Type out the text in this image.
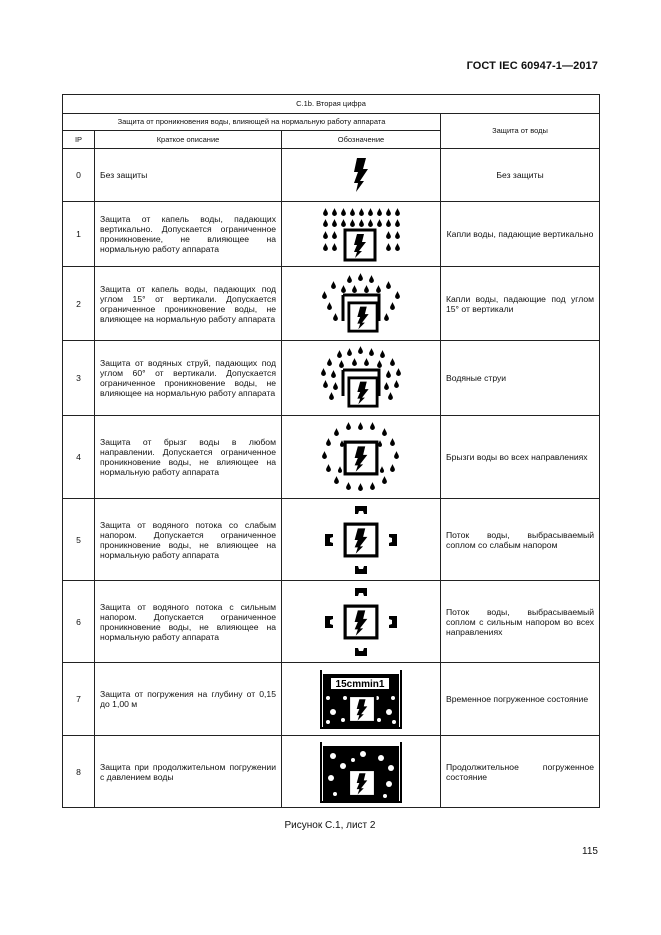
ГОСТ IEC 60947-1—2017
С.1b. Вторая цифра			
Защита от проникновения воды, влияющей на нормальную работу аппарата			Защита от воды
IP	Краткое описание	Обозначение	
0	Без защиты		Без защиты
1	Защита от капель воды, падающих вертикально. Допускается ограниченное проникновение, не влияющее на нормальную работу аппарата		Капли воды, падающие вертикально
2	Защита от капель воды, падающих под углом 15° от вертикали. Допускается ограниченное проникновение воды, не влияющее на нормальную работу аппарата		Капли воды, падающие под углом 15° от вертикали
3	Защита от водяных струй, падающих под углом 60° от вертикали. Допускается ограниченное проникновение воды, не влияющее на нормальную работу аппарата		Водяные струи
4	Защита от брызг воды в любом направлении. Допускается ограниченное проникновение воды, не влияющее на нормальную работу аппарата		Брызги воды во всех направлениях
5	Защита от водяного потока со слабым напором. Допускается ограниченное проникновение воды, не влияющее на нормальную работу аппарата		Поток воды, выбрасываемый соплом со слабым напором
6	Защита от водяного потока с сильным напором. Допускается ограниченное проникновение воды, не влияющее на нормальную работу аппарата		Поток воды, выбрасываемый соплом с сильным напором во всех направлениях
7	Защита от погружения на глубину от 0,15 до 1,00 м	15cmmin1	Временное погруженное состояние
8	Защита при продолжительном погружении с давлением воды		Продолжительное погруженное состояние
Рисунок С.1, лист 2
115
